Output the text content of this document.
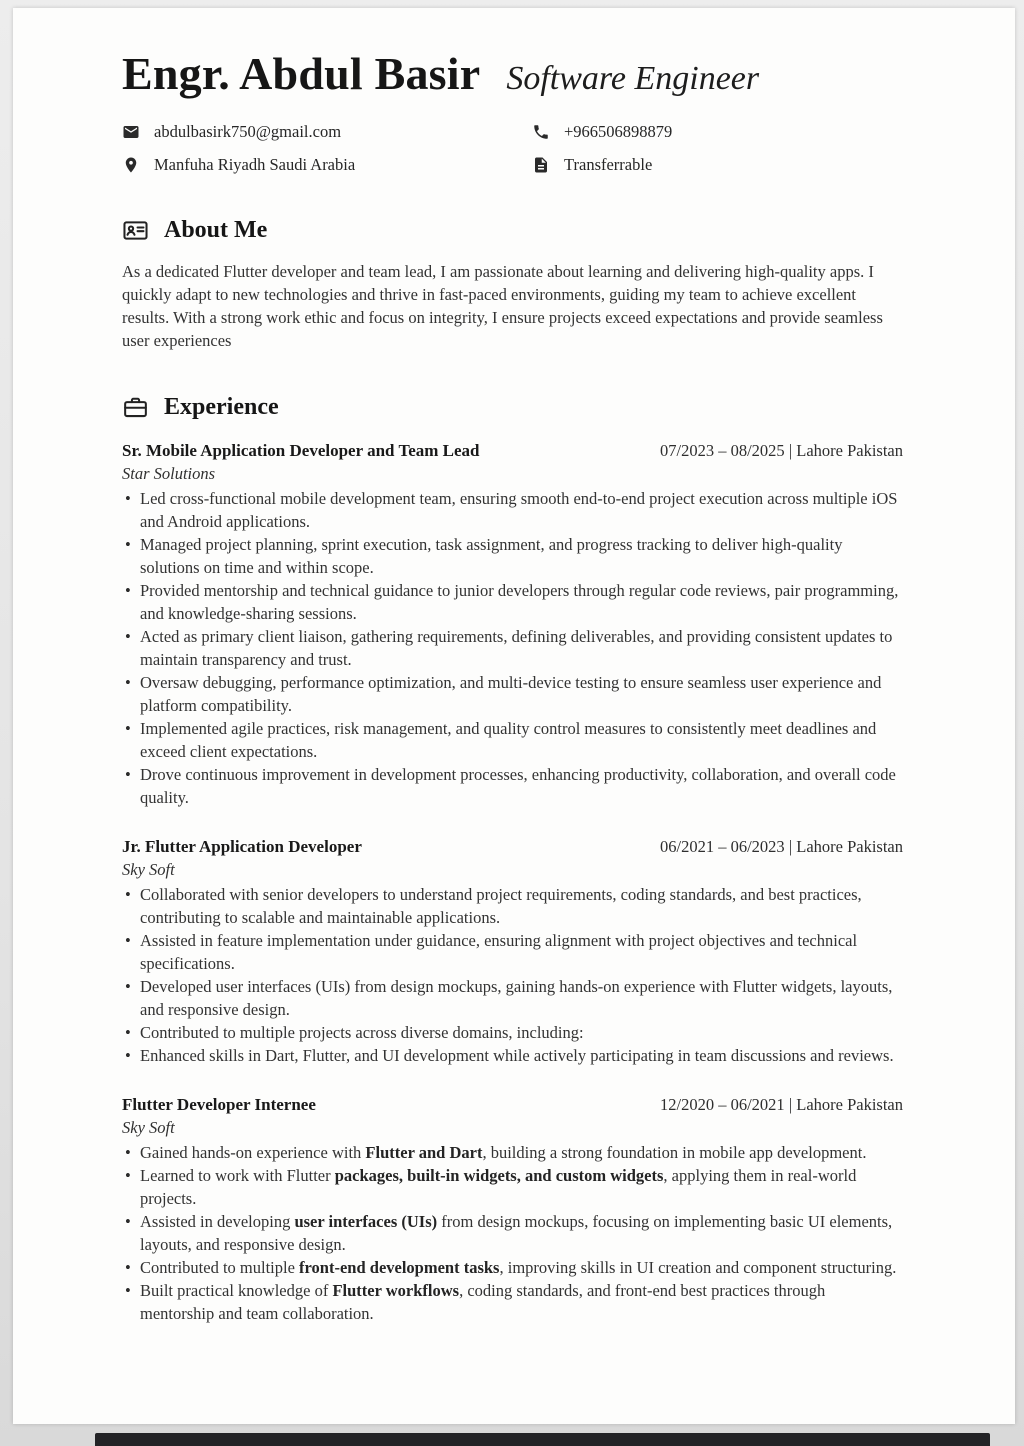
Engr. Abdul Basir Software Engineer
abdulbasirk750@gmail.com	+966506898879
Manfuha Riyadh Saudi Arabia	Transferrable
About Me

As a dedicated Flutter developer and team lead, I am passionate about learning and delivering high-quality apps. I quickly adapt to new technologies and thrive in fast-paced environments, guiding my team to achieve excellent results. With a strong work ethic and focus on integrity, I ensure projects exceed expectations and provide seamless user experiences

Experience
Sr. Mobile Application Developer and Team Lead	07/2023 – 08/2025 | Lahore Pakistan
Star Solutions
• Led cross-functional mobile development team, ensuring smooth end-to-end project execution across multiple iOS and Android applications.
• Managed project planning, sprint execution, task assignment, and progress tracking to deliver high-quality solutions on time and within scope.
• Provided mentorship and technical guidance to junior developers through regular code reviews, pair programming, and knowledge-sharing sessions.
• Acted as primary client liaison, gathering requirements, defining deliverables, and providing consistent updates to maintain transparency and trust.
• Oversaw debugging, performance optimization, and multi-device testing to ensure seamless user experience and platform compatibility.
• Implemented agile practices, risk management, and quality control measures to consistently meet deadlines and exceed client expectations.
• Drove continuous improvement in development processes, enhancing productivity, collaboration, and overall code quality.
Jr. Flutter Application Developer	06/2021 – 06/2023 | Lahore Pakistan
Sky Soft
• Collaborated with senior developers to understand project requirements, coding standards, and best practices, contributing to scalable and maintainable applications.
• Assisted in feature implementation under guidance, ensuring alignment with project objectives and technical specifications.
• Developed user interfaces (UIs) from design mockups, gaining hands-on experience with Flutter widgets, layouts, and responsive design.
• Contributed to multiple projects across diverse domains, including:
• Enhanced skills in Dart, Flutter, and UI development while actively participating in team discussions and reviews.
Flutter Developer Internee	12/2020 – 06/2021 | Lahore Pakistan
Sky Soft
• Gained hands-on experience with Flutter and Dart, building a strong foundation in mobile app development.
• Learned to work with Flutter packages, built-in widgets, and custom widgets, applying them in real-world projects.
• Assisted in developing user interfaces (UIs) from design mockups, focusing on implementing basic UI elements, layouts, and responsive design.
• Contributed to multiple front-end development tasks, improving skills in UI creation and component structuring.
• Built practical knowledge of Flutter workflows, coding standards, and front-end best practices through mentorship and team collaboration.
